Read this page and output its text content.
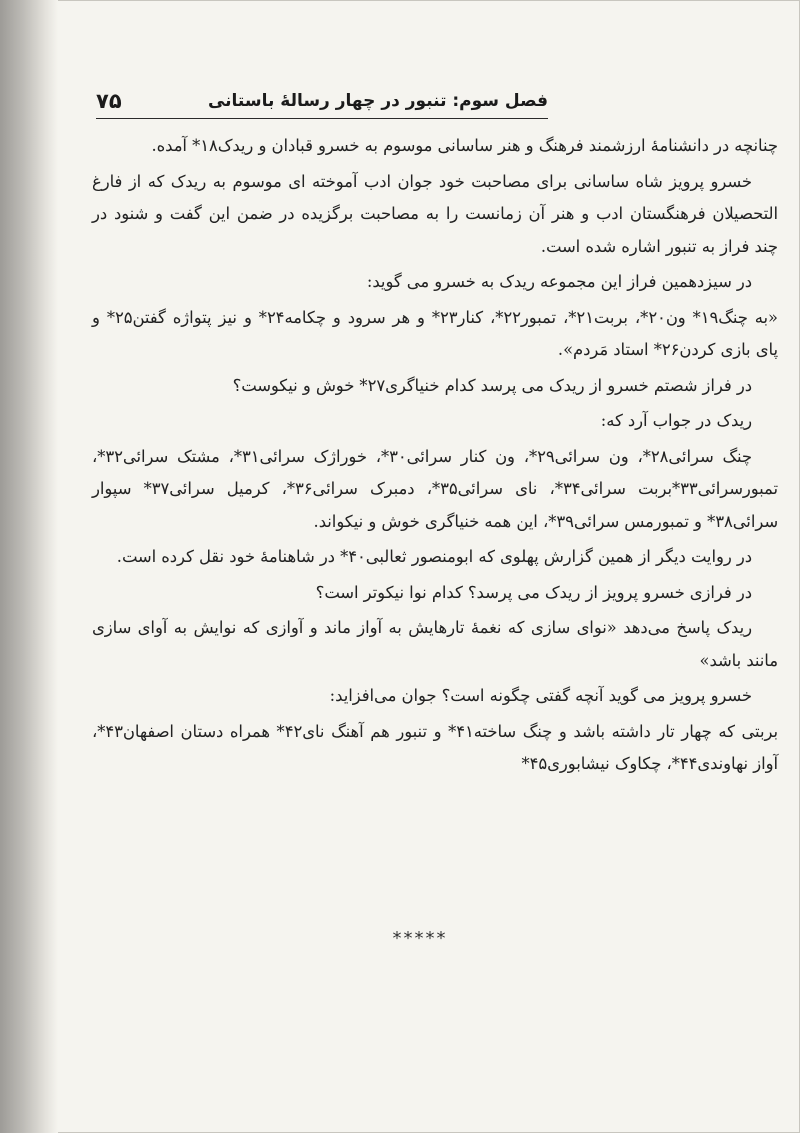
۷۵	فصل سوم: تنبور در چهار رسالهٔ باستانی

چنانچه در دانشنامهٔ ارزشمند فرهنگ و هنر ساسانی موسوم به خسرو قبادان و ریدک۱۸* آمده.

خسرو پرویز شاه ساسانی برای مصاحبت خود جوان ادب آموخته ای موسوم به ریدک که از فارغ التحصیلان فرهنگستان ادب و هنر آن زمانست را به مصاحبت برگزیده در ضمن این گفت و شنود در چند فراز به تنبور اشاره شده است.

در سیزدهمین فراز این مجموعه ریدک به خسرو می گوید:

«به چنگ۱۹* ون۲۰*، بربت۲۱*، تمبور۲۲*، کنار۲۳* و هر سرود و چکامه۲۴* و نیز پتواژه گفتن۲۵* و پای بازی کردن۲۶* استاد مَردم».

در فراز شصتم خسرو از ریدک می پرسد کدام خنیاگری۲۷* خوش و نیکوست؟

ریدک در جواب آرد که:

چنگ سرائی۲۸*، ون سرائی۲۹*، ون کنار سرائی۳۰*، خوراژک سرائی۳۱*، مشتک سرائی۳۲*، تمبورسرائی۳۳*بربت سرائی۳۴*، نای سرائی۳۵*، دمبرک سرائی۳۶*، کرمیل سرائی۳۷* سپوار سرائی۳۸* و تمبورمس سرائی۳۹*، این همه خنیاگری خوش و نیکواند.

در روایت دیگر از همین گزارش پهلوی که ابومنصور ثعالبی۴۰* در شاهنامهٔ خود نقل کرده است.

در فرازی خسرو پرویز از ریدک می پرسد؟ کدام نوا نیکوتر است؟

ریدک پاسخ می‌دهد «نوای سازی که نغمهٔ تارهایش به آواز ماند و آوازی که نوایش به آوای سازی مانند باشد»

خسرو پرویز می گوید آنچه گفتی چگونه است؟ جوان می‌افزاید:

بربتی که چهار تار داشته باشد و چنگ ساخته۴۱* و تنبور هم آهنگ نای۴۲* همراه دستان اصفهان۴۳*، آواز نهاوندی۴۴*، چکاوک نیشابوری۴۵*

*****
